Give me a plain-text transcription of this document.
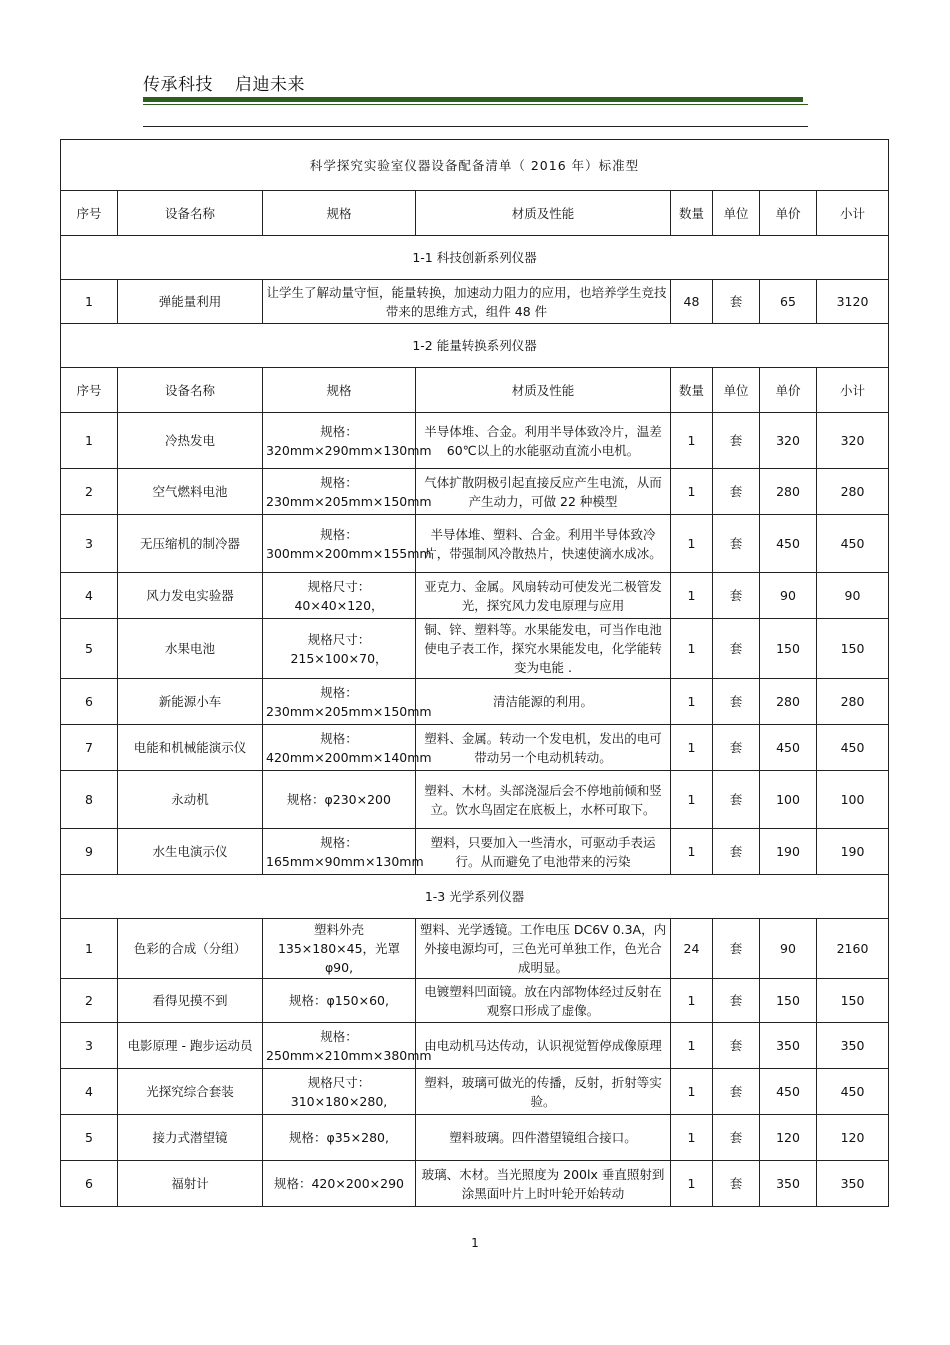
传承科技 启迪未来
科学探究实验室仪器设备配备清单（ 2016 年）标准型							
序号	设备名称	规格	材质及性能	数量	单位	单价	小计
1-1 科技创新系列仪器							
1	弹能量利用	让学生了解动量守恒，能量转换，加速动力阻力的应用，也培养学生竞技带来的思维方式，组件 48 件		48	套	65	3120
1-2 能量转换系列仪器							
序号	设备名称	规格	材质及性能	数量	单位	单价	小计
1	冷热发电	规格：320mm×290mm×130mm	半导体堆、合金。利用半导体致冷片，温差 60℃以上的水能驱动直流小电机。	1	套	320	320
2	空气燃料电池	规格：230mm×205mm×150mm	气体扩散阴极引起直接反应产生电流，从而产生动力，可做 22 种模型	1	套	280	280
3	无压缩机的制冷器	规格：300mm×200mm×155mm	半导体堆、塑料、合金。利用半导体致冷片，带强制风冷散热片，快速使滴水成冰。	1	套	450	450
4	风力发电实验器	规格尺寸：40×40×120，	亚克力、金属。风扇转动可使发光二极管发光，探究风力发电原理与应用	1	套	90	90
5	水果电池	规格尺寸：215×100×70，	铜、锌、塑料等。水果能发电，可当作电池使电子表工作，探究水果能发电，化学能转变为电能 .	1	套	150	150
6	新能源小车	规格：230mm×205mm×150mm	清洁能源的利用。	1	套	280	280
7	电能和机械能演示仪	规格：420mm×200mm×140mm	塑料、金属。转动一个发电机，发出的电可带动另一个电动机转动。	1	套	450	450
8	永动机	规格：φ230×200	塑料、木材。头部浇湿后会不停地前倾和竖立。饮水鸟固定在底板上，水杯可取下。	1	套	100	100
9	水生电演示仪	规格：165mm×90mm×130mm	塑料，只要加入一些清水，可驱动手表运行。从而避免了电池带来的污染	1	套	190	190
1-3 光学系列仪器							
1	色彩的合成（分组）	塑料外壳 135×180×45，光罩 φ90,	塑料、光学透镜。工作电压 DC6V 0.3A，内外接电源均可，三色光可单独工作，色光合成明显。	24	套	90	2160
2	看得见摸不到	规格：φ150×60,	电镀塑料凹面镜。放在内部物体经过反射在观察口形成了虚像。	1	套	150	150
3	电影原理 - 跑步运动员	规格：250mm×210mm×380mm	由电动机马达传动，认识视觉暂停成像原理	1	套	350	350
4	光探究综合套装	规格尺寸：310×180×280,	塑料，玻璃可做光的传播，反射，折射等实验。	1	套	450	450
5	接力式潜望镜	规格：φ35×280,	塑料玻璃。四件潜望镜组合接口。	1	套	120	120
6	福射计	规格：420×200×290	玻璃、木材。当光照度为 200lx 垂直照射到涂黑面叶片上时叶轮开始转动	1	套	350	350
1
